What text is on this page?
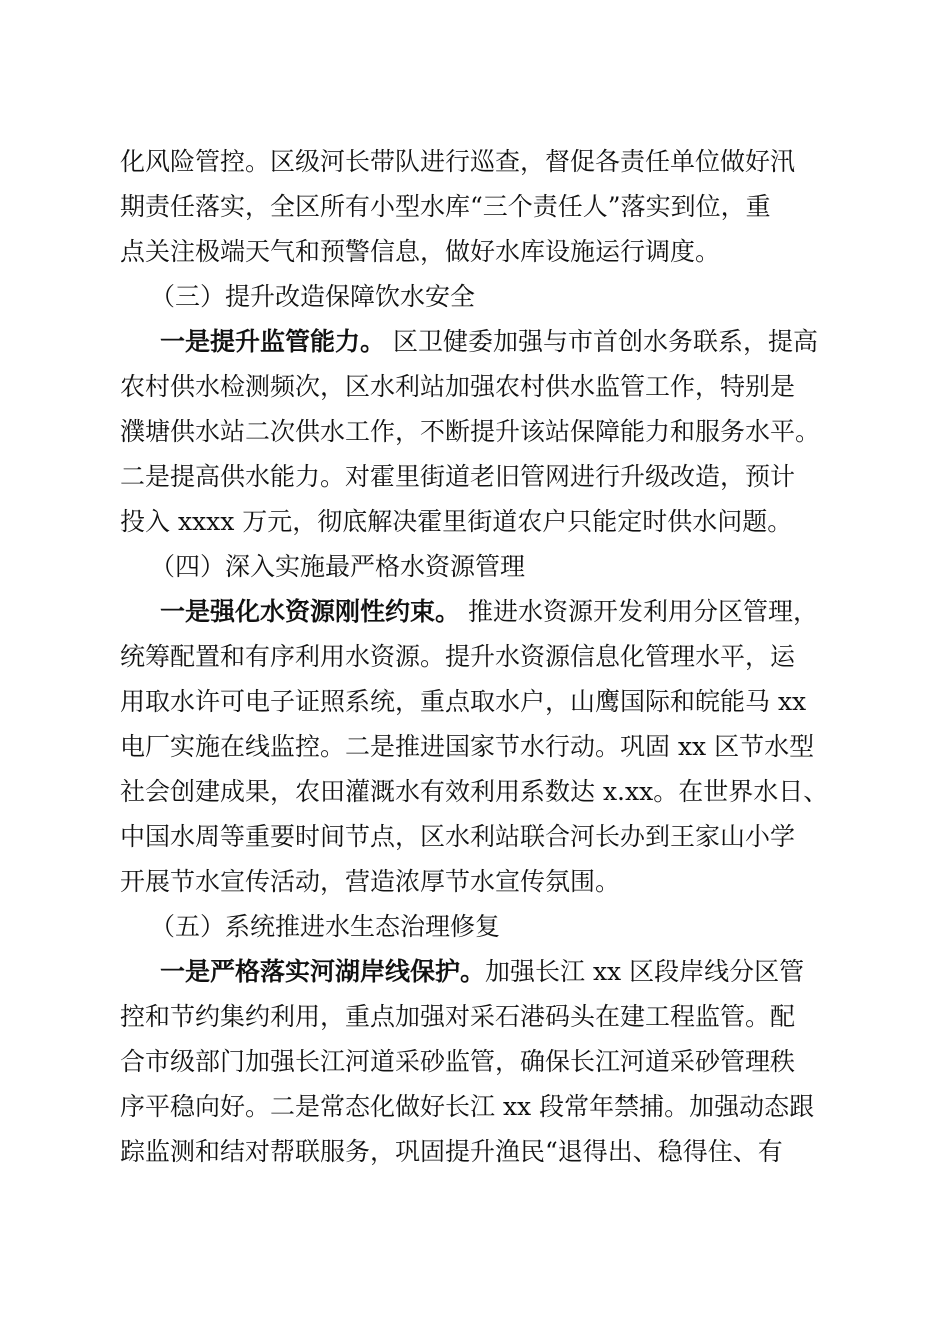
化风险管控。区级河长带队进行巡查，督促各责任单位做好汛
期责任落实，全区所有小型水库“三个责任人”落实到位，重
点关注极端天气和预警信息，做好水库设施运行调度。
（三）提升改造保障饮水安全
一是提升监管能力。 区卫健委加强与市首创水务联系，提高
农村供水检测频次，区水利站加强农村供水监管工作，特别是
濮塘供水站二次供水工作，不断提升该站保障能力和服务水平。
二是提高供水能力。对霍里街道老旧管网进行升级改造，预计
投入 xxxx 万元，彻底解决霍里街道农户只能定时供水问题。
（四）深入实施最严格水资源管理
一是强化水资源刚性约束。 推进水资源开发利用分区管理，
统筹配置和有序利用水资源。提升水资源信息化管理水平，运
用取水许可电子证照系统，重点取水户，山鹰国际和皖能马 xx
电厂实施在线监控。二是推进国家节水行动。巩固 xx 区节水型
社会创建成果，农田灌溉水有效利用系数达 x.xx。在世界水日、
中国水周等重要时间节点，区水利站联合河长办到王家山小学
开展节水宣传活动，营造浓厚节水宣传氛围。
（五）系统推进水生态治理修复
一是严格落实河湖岸线保护。 加强长江 xx 区段岸线分区管
控和节约集约利用，重点加强对采石港码头在建工程监管。配
合市级部门加强长江河道采砂监管，确保长江河道采砂管理秩
序平稳向好。二是常态化做好长江 xx 段常年禁捕。加强动态跟
踪监测和结对帮联服务，巩固提升渔民“退得出、稳得住、有
